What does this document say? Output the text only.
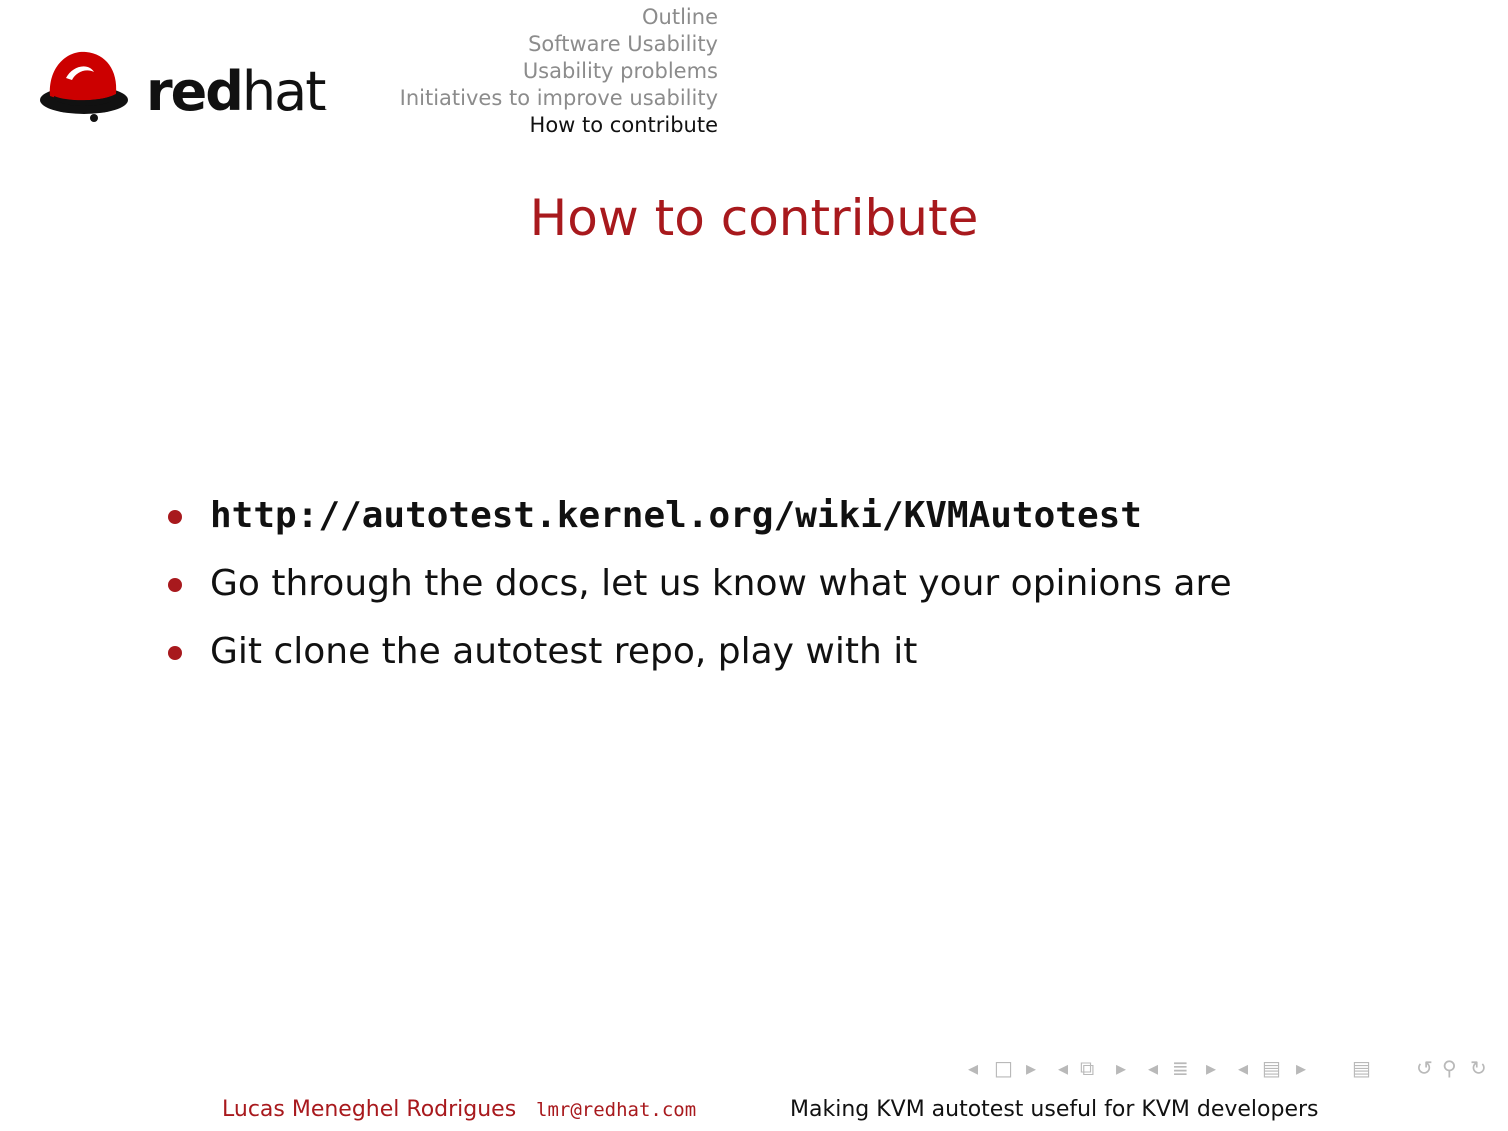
redhat.
Outline
Software Usability
Usability problems
Initiatives to improve usability
How to contribute
How to contribute
http://autotest.kernel.org/wiki/KVMAutotest
Go through the docs, let us know what your opinions are
Git clone the autotest repo, play with it
◂ □ ▸ ◂ ⧉ ▸ ◂ ≣ ▸ ◂ ▤ ▸ ▤ ↺ ⚲ ↻
Lucas Meneghel Rodrigues lmr@redhat.com	Making KVM autotest useful for KVM developers
